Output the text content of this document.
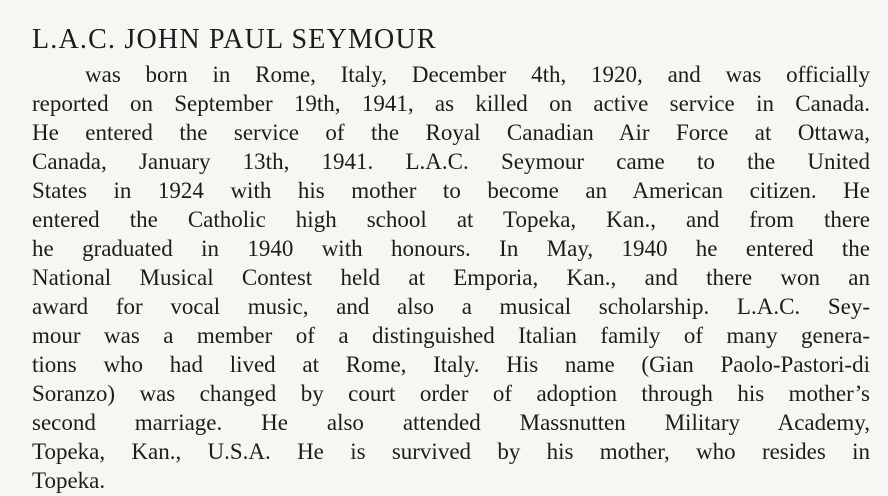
L.A.C. JOHN PAUL SEYMOUR
was born in Rome, Italy, December 4th, 1920, and was officially
reported on September 19th, 1941, as killed on active service in Canada.
He entered the service of the Royal Canadian Air Force at Ottawa,
Canada, January 13th, 1941. L.A.C. Seymour came to the United
States in 1924 with his mother to become an American citizen. He
entered the Catholic high school at Topeka, Kan., and from there
he graduated in 1940 with honours. In May, 1940 he entered the
National Musical Contest held at Emporia, Kan., and there won an
award for vocal music, and also a musical scholarship. L.A.C. Sey-
mour was a member of a distinguished Italian family of many genera-
tions who had lived at Rome, Italy. His name (Gian Paolo-Pastori-di
Soranzo) was changed by court order of adoption through his mother’s
second marriage. He also attended Massnutten Military Academy,
Topeka, Kan., U.S.A. He is survived by his mother, who resides in
Topeka.
